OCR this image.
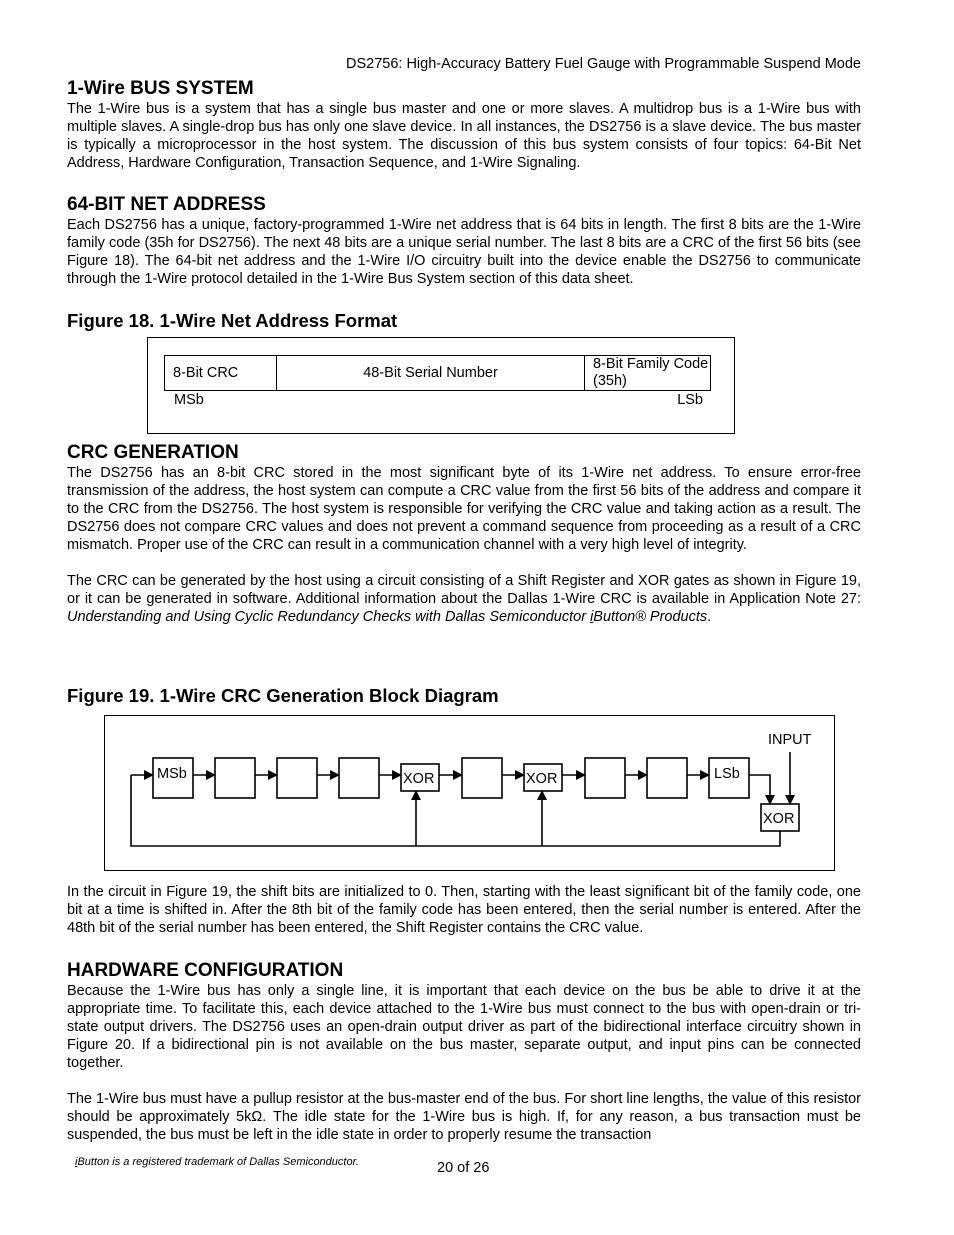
DS2756: High-Accuracy Battery Fuel Gauge with Programmable Suspend Mode
1-Wire BUS SYSTEM

The 1-Wire bus is a system that has a single bus master and one or more slaves. A multidrop bus is a 1-Wire bus with multiple slaves. A single-drop bus has only one slave device. In all instances, the DS2756 is a slave device. The bus master is typically a microprocessor in the host system. The discussion of this bus system consists of four topics: 64-Bit Net Address, Hardware Configuration, Transaction Sequence, and 1-Wire Signaling.

64-BIT NET ADDRESS

Each DS2756 has a unique, factory-programmed 1-Wire net address that is 64 bits in length. The first 8 bits are the 1-Wire family code (35h for DS2756). The next 48 bits are a unique serial number. The last 8 bits are a CRC of the first 56 bits (see Figure 18). The 64-bit net address and the 1-Wire I/O circuitry built into the device enable the DS2756 to communicate through the 1-Wire protocol detailed in the 1-Wire Bus System section of this data sheet.

Figure 18. 1-Wire Net Address Format
8-Bit CRC	48-Bit Serial Number
8-Bit Family Code (35h)
MSb	LSb
CRC GENERATION

The DS2756 has an 8-bit CRC stored in the most significant byte of its 1-Wire net address. To ensure error-free transmission of the address, the host system can compute a CRC value from the first 56 bits of the address and compare it to the CRC from the DS2756. The host system is responsible for verifying the CRC value and taking action as a result. The DS2756 does not compare CRC values and does not prevent a command sequence from proceeding as a result of a CRC mismatch. Proper use of the CRC can result in a communication channel with a very high level of integrity.

The CRC can be generated by the host using a circuit consisting of a Shift Register and XOR gates as shown in Figure 19, or it can be generated in software. Additional information about the Dallas 1-Wire CRC is available in Application Note 27: Understanding and Using Cyclic Redundancy Checks with Dallas Semiconductor iButton® Products.

Figure 19. 1-Wire CRC Generation Block Diagram
MSb	XOR	XOR	LSb
XOR
INPUT

In the circuit in Figure 19, the shift bits are initialized to 0. Then, starting with the least significant bit of the family code, one bit at a time is shifted in. After the 8th bit of the family code has been entered, then the serial number is entered. After the 48th bit of the serial number has been entered, the Shift Register contains the CRC value.

HARDWARE CONFIGURATION

Because the 1-Wire bus has only a single line, it is important that each device on the bus be able to drive it at the appropriate time. To facilitate this, each device attached to the 1-Wire bus must connect to the bus with open-drain or tri-state output drivers. The DS2756 uses an open-drain output driver as part of the bidirectional interface circuitry shown in Figure 20. If a bidirectional pin is not available on the bus master, separate output, and input pins can be connected together.

The 1-Wire bus must have a pullup resistor at the bus-master end of the bus. For short line lengths, the value of this resistor should be approximately 5kΩ. The idle state for the 1-Wire bus is high. If, for any reason, a bus transaction must be suspended, the bus must be left in the idle state in order to properly resume the transaction

iButton is a registered trademark of Dallas Semiconductor.	20 of 26
